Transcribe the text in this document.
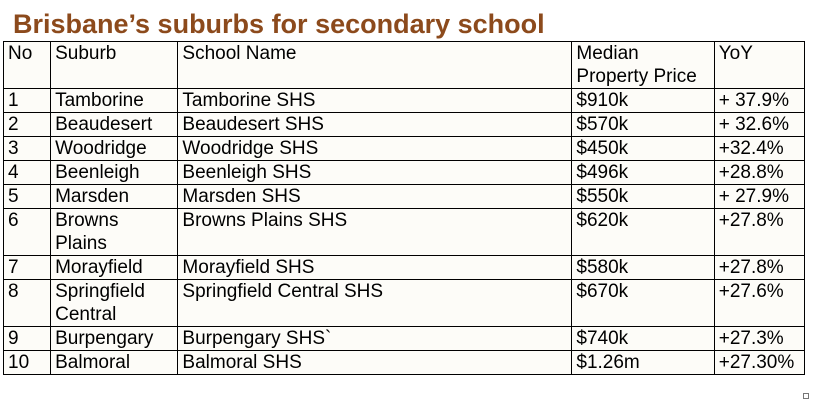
Brisbane’s suburbs for secondary school
No	Suburb	School Name	Median Property Price	YoY
1	Tamborine	Tamborine SHS	$910k	+ 37.9%
2	Beaudesert	Beaudesert SHS	$570k	+ 32.6%
3	Woodridge	Woodridge SHS	$450k	+32.4%
4	Beenleigh	Beenleigh SHS	$496k	+28.8%
5	Marsden	Marsden SHS	$550k	+ 27.9%
6	Browns Plains	Browns Plains SHS	$620k	+27.8%
7	Morayfield	Morayfield SHS	$580k	+27.8%
8	Springfield Central	Springfield Central SHS	$670k	+27.6%
9	Burpengary	Burpengary SHS`	$740k	+27.3%
10	Balmoral	Balmoral SHS	$1.26m	+27.30%
